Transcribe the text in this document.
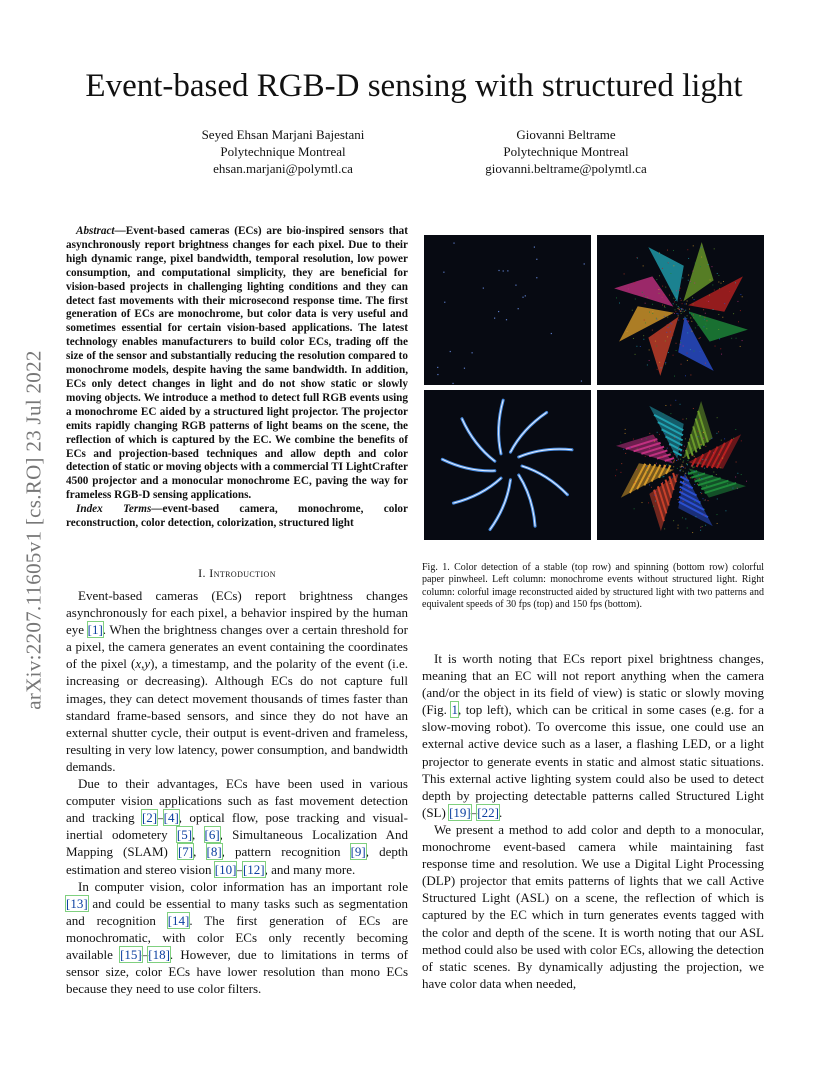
arXiv:2207.11605v1 [cs.RO] 23 Jul 2022
Event-based RGB-D sensing with structured light
Seyed Ehsan Marjani Bajestani
Polytechnique Montreal
ehsan.marjani@polymtl.ca
Giovanni Beltrame
Polytechnique Montreal
giovanni.beltrame@polymtl.ca

Abstract—Event-based cameras (ECs) are bio-inspired sensors that asynchronously report brightness changes for each pixel. Due to their high dynamic range, pixel bandwidth, temporal resolution, low power consumption, and computational simplicity, they are beneficial for vision-based projects in challenging lighting conditions and they can detect fast movements with their microsecond response time. The first generation of ECs are monochrome, but color data is very useful and sometimes essential for certain vision-based applications. The latest technology enables manufacturers to build color ECs, trading off the size of the sensor and substantially reducing the resolution compared to monochrome models, despite having the same bandwidth. In addition, ECs only detect changes in light and do not show static or slowly moving objects. We introduce a method to detect full RGB events using a monochrome EC aided by a structured light projector. The projector emits rapidly changing RGB patterns of light beams on the scene, the reflection of which is captured by the EC. We combine the benefits of ECs and projection-based techniques and allow depth and color detection of static or moving objects with a commercial TI LightCrafter 4500 projector and a monocular monochrome EC, paving the way for frameless RGB-D sensing applications.

Index Terms—event-based camera, monochrome, color reconstruction, color detection, colorization, structured light

I. Introduction

Event-based cameras (ECs) report brightness changes asynchronously for each pixel, a behavior inspired by the human eye [1]. When the brightness changes over a certain threshold for a pixel, the camera generates an event containing the coordinates of the pixel (x,y), a timestamp, and the polarity of the event (i.e. increasing or decreasing). Although ECs do not capture full images, they can detect movement thousands of times faster than standard frame-based sensors, and since they do not have an external shutter cycle, their output is event-driven and frameless, resulting in very low latency, power consumption, and bandwidth demands.

Due to their advantages, ECs have been used in various computer vision applications such as fast movement detection and tracking [2]–[4], optical flow, pose tracking and visual-inertial odometery [5], [6], Simultaneous Localization And Mapping (SLAM) [7], [8], pattern recognition [9], depth estimation and stereo vision [10]–[12], and many more.

In computer vision, color information has an important role [13] and could be essential to many tasks such as segmentation and recognition [14]. The first generation of ECs are monochromatic, with color ECs only recently becoming available [15]–[18]. However, due to limitations in terms of sensor size, color ECs have lower resolution than mono ECs because they need to use color filters.

Fig. 1. Color detection of a stable (top row) and spinning (bottom row) colorful paper pinwheel. Left column: monochrome events without structured light. Right column: colorful image reconstructed aided by structured light with two patterns and equivalent speeds of 30 fps (top) and 150 fps (bottom).

It is worth noting that ECs report pixel brightness changes, meaning that an EC will not report anything when the camera (and/or the object in its field of view) is static or slowly moving (Fig. 1, top left), which can be critical in some cases (e.g. for a slow-moving robot). To overcome this issue, one could use an external active device such as a laser, a flashing LED, or a light projector to generate events in static and almost static situations. This external active lighting system could also be used to detect depth by projecting detectable patterns called Structured Light (SL) [19]–[22].

We present a method to add color and depth to a monocular, monochrome event-based camera while maintaining fast response time and resolution. We use a Digital Light Processing (DLP) projector that emits patterns of lights that we call Active Structured Light (ASL) on a scene, the reflection of which is captured by the EC which in turn generates events tagged with the color and depth of the scene. It is worth noting that our ASL method could also be used with color ECs, allowing the detection of static scenes. By dynamically adjusting the projection, we have color data when needed,
